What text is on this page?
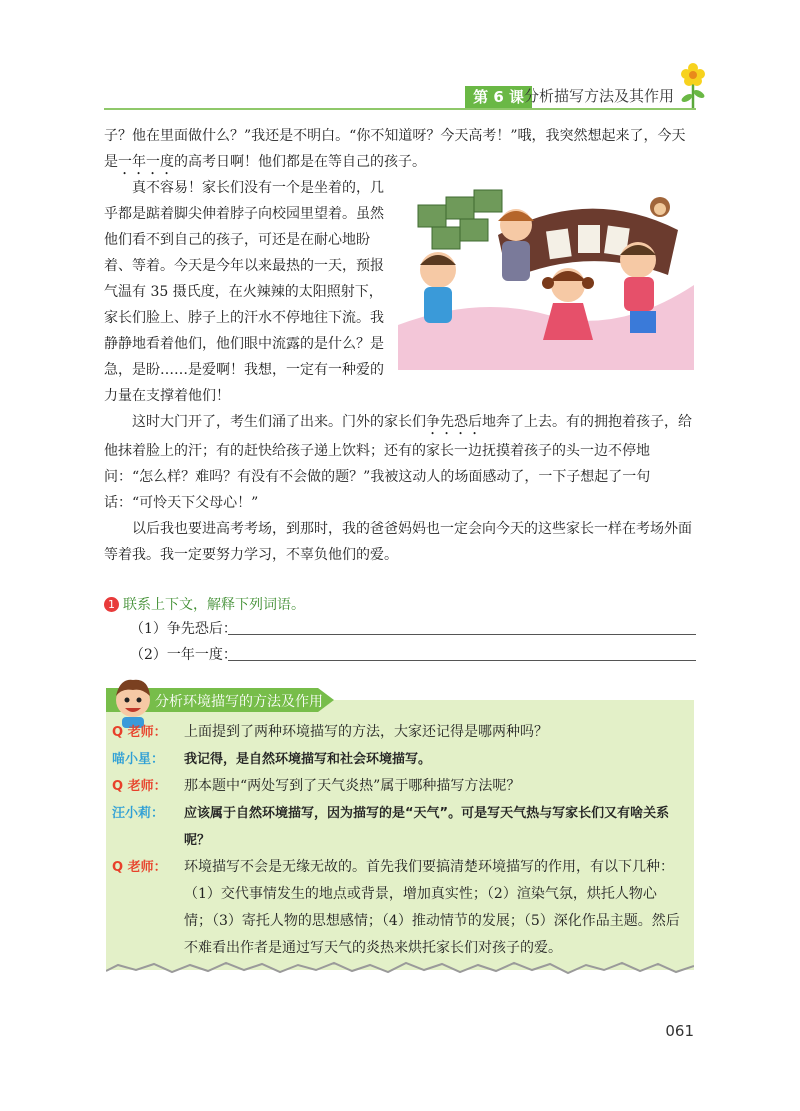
第 6 课 分析描写方法及其作用

子？他在里面做什么？”我还是不明白。“你不知道呀？今天高考！”哦，我突然想起来了，今天

是一年一度的高考日啊！他们都是在等自己的孩子。

真不容易！家长们没有一个是坐着的，几乎都是踮着脚尖伸着脖子向校园里望着。虽然他们看不到自己的孩子，可还是在耐心地盼着、等着。今天是今年以来最热的一天，预报气温有 35 摄氏度，在火辣辣的太阳照射下，家长们脸上、脖子上的汗水不停地往下流。我静静地看着他们，他们眼中流露的是什么？是急，是盼……是爱啊！我想，一定有一种爱的力量在支撑着他们！

这时大门开了，考生们涌了出来。门外的家长们争先恐后地奔了上去。有的拥抱着孩子，给他抹着脸上的汗；有的赶快给孩子递上饮料；还有的家长一边抚摸着孩子的头一边不停地问：“怎么样？难吗？有没有不会做的题？”我被这动人的场面感动了，一下子想起了一句话：“可怜天下父母心！”

以后我也要进高考考场，到那时，我的爸爸妈妈也一定会向今天的这些家长一样在考场外面等着我。我一定要努力学习，不辜负他们的爱。

1 联系上下文，解释下列词语。
（1）争先恐后：
（2）一年一度：
分析环境描写的方法及作用
Q 老师：	上面提到了两种环境描写的方法，大家还记得是哪两种吗？
喵小星：	我记得，是自然环境描写和社会环境描写。
Q 老师：	那本题中“两处写到了天气炎热”属于哪种描写方法呢？
汪小莉：	应该属于自然环境描写，因为描写的是“天气”。可是写天气热与写家长们又有啥关系呢？
Q 老师：	环境描写不会是无缘无故的。首先我们要搞清楚环境描写的作用，有以下几种：（1）交代事情发生的地点或背景，增加真实性；（2）渲染气氛，烘托人物心情；（3）寄托人物的思想感情；（4）推动情节的发展；（5）深化作品主题。然后不难看出作者是通过写天气的炎热来烘托家长们对孩子的爱。
061
